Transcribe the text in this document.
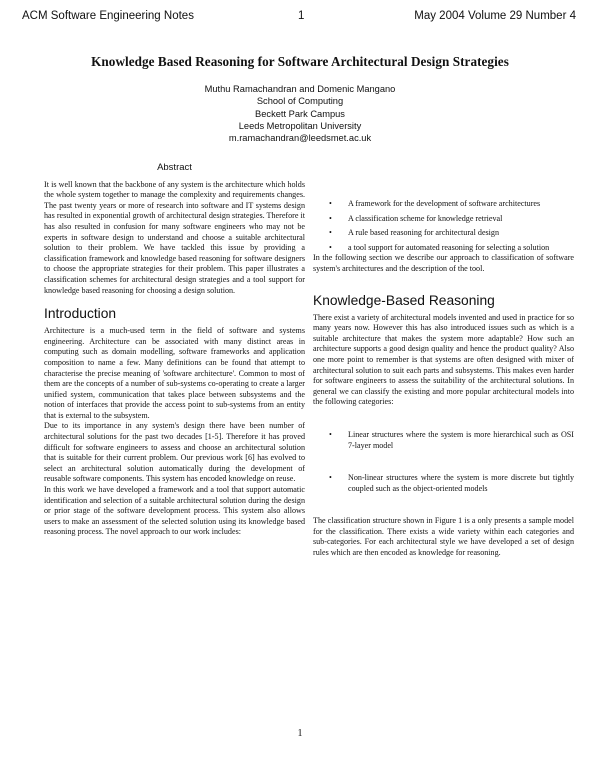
ACM Software Engineering Notes	1	May 2004 Volume 29 Number 4
Knowledge Based Reasoning for Software Architectural Design Strategies
Muthu Ramachandran and Domenic Mangano
School of Computing
Beckett Park Campus
Leeds Metropolitan University
m.ramachandran@leedsmet.ac.uk
Abstract

It is well known that the backbone of any system is the architecture which holds the whole system together to manage the complexity and requirements changes. The past twenty years or more of research into software and IT systems design has resulted in exponential growth of architectural design strategies. Therefore it has also resulted in confusion for many software engineers who may not be experts in software design to understand and choose a suitable architectural solution to their problem. We have tackled this issue by providing a classification framework and knowledge based reasoning for software designers to choose the appropriate strategies for their problem. This paper illustrates a classification schemes for architectural design strategies and a tool support for knowledge based reasoning for choosing a design solution.

Introduction

Architecture is a much-used term in the field of software and systems engineering. Architecture can be associated with many distinct areas in computing such as domain modelling, software frameworks and application composition to name a few. Many definitions can be found that attempt to characterise the precise meaning of 'software architecture'. Common to most of them are the concepts of a number of sub-systems co-operating to create a larger unified system, communication that takes place between subsystems and the notion of interfaces that provide the access point to sub-systems from an entity that is external to the subsystem.

Due to its importance in any system's design there have been number of architectural solutions for the past two decades [1-5]. Therefore it has proved difficult for software engineers to assess and choose an architectural solution that is suitable for their current problem. Our previous work [6] has evolved to select an architectural solution automatically during the development of reusable software components. This system has encoded knowledge on reuse.

In this work we have developed a framework and a tool that support automatic identification and selection of a suitable architectural solution during the design or prior stage of the software development process. This system also allows users to make an assessment of the selected solution using its knowledge based reasoning process. The novel approach to our work includes:

• A framework for the development of software architectures
• A classification scheme for knowledge retrieval
• A rule based reasoning for architectural design
• a tool support for automated reasoning for selecting a solution

In the following section we describe our approach to classification of software system's architectures and the description of the tool.

Knowledge-Based Reasoning

There exist a variety of architectural models invented and used in practice for so many years now. However this has also introduced issues such as which is a suitable architecture that makes the system more adaptable? How such an architecture supports a good design quality and hence the product quality? Also one more point to remember is that systems are often designed with mixer of architectural solution to suit each parts and subsystems. This makes even harder for software engineers to assess the suitability of the architectural solutions. In general we can classify the existing and more popular architectural models into the following categories:

• Linear structures where the system is more hierarchical such as OSI 7-layer model
• Non-linear structures where the system is more discrete but tightly coupled such as the object-oriented models

The classification structure shown in Figure 1 is a only presents a sample model for the classification. There exists a wide variety within each categories and sub-categories. For each architectural style we have developed a set of design rules which are then encoded as knowledge for reasoning.

1
